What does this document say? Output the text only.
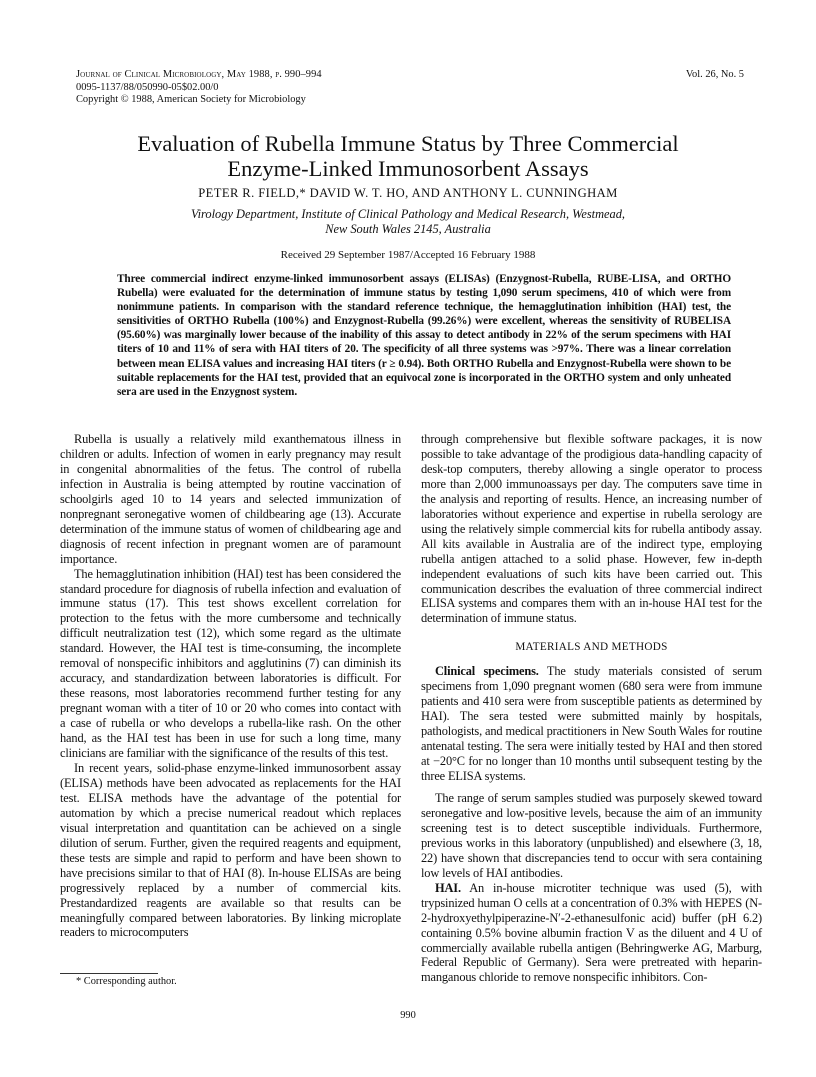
Journal of Clinical Microbiology, May 1988, p. 990–994
0095-1137/88/050990-05$02.00/0
Copyright © 1988, American Society for Microbiology
Vol. 26, No. 5
Evaluation of Rubella Immune Status by Three Commercial
Enzyme-Linked Immunosorbent Assays
PETER R. FIELD,* DAVID W. T. HO, AND ANTHONY L. CUNNINGHAM
Virology Department, Institute of Clinical Pathology and Medical Research, Westmead,
New South Wales 2145, Australia
Received 29 September 1987/Accepted 16 February 1988
Three commercial indirect enzyme-linked immunosorbent assays (ELISAs) (Enzygnost-Rubella, RUBE-LISA, and ORTHO Rubella) were evaluated for the determination of immune status by testing 1,090 serum specimens, 410 of which were from nonimmune patients. In comparison with the standard reference technique, the hemagglutination inhibition (HAI) test, the sensitivities of ORTHO Rubella (100%) and Enzygnost-Rubella (99.26%) were excellent, whereas the sensitivity of RUBELISA (95.60%) was marginally lower because of the inability of this assay to detect antibody in 22% of the serum specimens with HAI titers of 10 and 11% of sera with HAI titers of 20. The specificity of all three systems was >97%. There was a linear correlation between mean ELISA values and increasing HAI titers (r ≥ 0.94). Both ORTHO Rubella and Enzygnost-Rubella were shown to be suitable replacements for the HAI test, provided that an equivocal zone is incorporated in the ORTHO system and only unheated sera are used in the Enzygnost system.

Rubella is usually a relatively mild exanthematous illness in children or adults. Infection of women in early pregnancy may result in congenital abnormalities of the fetus. The control of rubella infection in Australia is being attempted by routine vaccination of schoolgirls aged 10 to 14 years and selected immunization of nonpregnant seronegative women of childbearing age (13). Accurate determination of the immune status of women of childbearing age and diagnosis of recent infection in pregnant women are of paramount importance.

The hemagglutination inhibition (HAI) test has been considered the standard procedure for diagnosis of rubella infection and evaluation of immune status (17). This test shows excellent correlation for protection to the fetus with the more cumbersome and technically difficult neutralization test (12), which some regard as the ultimate standard. However, the HAI test is time-consuming, the incomplete removal of nonspecific inhibitors and agglutinins (7) can diminish its accuracy, and standardization between laboratories is difficult. For these reasons, most laboratories recommend further testing for any pregnant woman with a titer of 10 or 20 who comes into contact with a case of rubella or who develops a rubella-like rash. On the other hand, as the HAI test has been in use for such a long time, many clinicians are familiar with the significance of the results of this test.

In recent years, solid-phase enzyme-linked immunosorbent assay (ELISA) methods have been advocated as replacements for the HAI test. ELISA methods have the advantage of the potential for automation by which a precise numerical readout which replaces visual interpretation and quantitation can be achieved on a single dilution of serum. Further, given the required reagents and equipment, these tests are simple and rapid to perform and have been shown to have precisions similar to that of HAI (8). In-house ELISAs are being progressively replaced by a number of commercial kits. Prestandardized reagents are available so that results can be meaningfully compared between laboratories. By linking microplate readers to microcomputers

through comprehensive but flexible software packages, it is now possible to take advantage of the prodigious data-handling capacity of desk-top computers, thereby allowing a single operator to process more than 2,000 immunoassays per day. The computers save time in the analysis and reporting of results. Hence, an increasing number of laboratories without experience and expertise in rubella serology are using the relatively simple commercial kits for rubella antibody assay. All kits available in Australia are of the indirect type, employing rubella antigen attached to a solid phase. However, few in-depth independent evaluations of such kits have been carried out. This communication describes the evaluation of three commercial indirect ELISA systems and compares them with an in-house HAI test for the determination of immune status.

MATERIALS AND METHODS

Clinical specimens. The study materials consisted of serum specimens from 1,090 pregnant women (680 sera were from immune patients and 410 sera were from susceptible patients as determined by HAI). The sera tested were submitted mainly by hospitals, pathologists, and medical practitioners in New South Wales for routine antenatal testing. The sera were initially tested by HAI and then stored at −20°C for no longer than 10 months until subsequent testing by the three ELISA systems.

The range of serum samples studied was purposely skewed toward seronegative and low-positive levels, because the aim of an immunity screening test is to detect susceptible individuals. Furthermore, previous works in this laboratory (unpublished) and elsewhere (3, 18, 22) have shown that discrepancies tend to occur with sera containing low levels of HAI antibodies.

HAI. An in-house microtiter technique was used (5), with trypsinized human O cells at a concentration of 0.3% with HEPES (N-2-hydroxyethylpiperazine-N′-2-ethanesulfonic acid) buffer (pH 6.2) containing 0.5% bovine albumin fraction V as the diluent and 4 U of commercially available rubella antigen (Behringwerke AG, Marburg, Federal Republic of Germany). Sera were pretreated with heparin-manganous chloride to remove nonspecific inhibitors. Con-

* Corresponding author.
990
